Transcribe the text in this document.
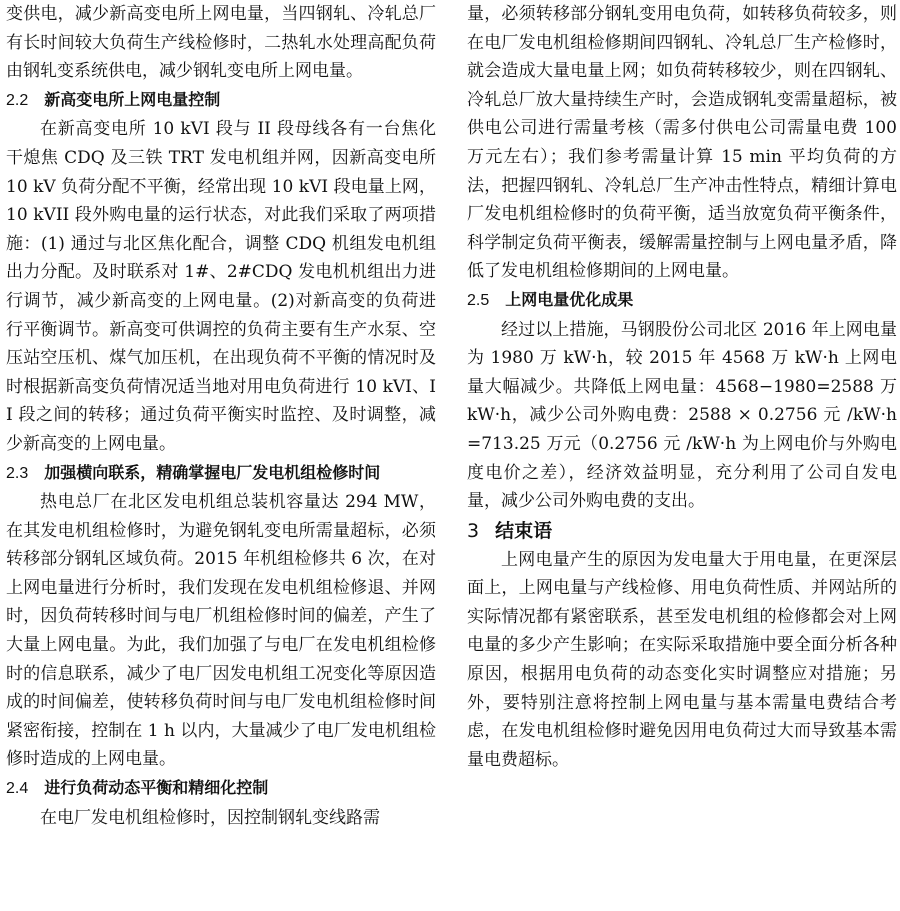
变供电，减少新高变电所上网电量，当四钢轧、冷轧总厂有长时间较大负荷生产线检修时，二热轧水处理高配负荷由钢轧变系统供电，减少钢轧变电所上网电量。

2.2 新高变电所上网电量控制

在新高变电所 10 kVI 段与 II 段母线各有一台焦化干熄焦 CDQ 及三铁 TRT 发电机组并网，因新高变电所 10 kV 负荷分配不平衡，经常出现 10 kVI 段电量上网，10 kVII 段外购电量的运行状态，对此我们采取了两项措施：(1) 通过与北区焦化配合，调整 CDQ 机组发电机组出力分配。及时联系对 1#、2#CDQ 发电机机组出力进行调节，减少新高变的上网电量。(2)对新高变的负荷进行平衡调节。新高变可供调控的负荷主要有生产水泵、空压站空压机、煤气加压机，在出现负荷不平衡的情况时及时根据新高变负荷情况适当地对用电负荷进行 10 kVI、II 段之间的转移；通过负荷平衡实时监控、及时调整，减少新高变的上网电量。

2.3 加强横向联系，精确掌握电厂发电机组检修时间

热电总厂在北区发电机组总装机容量达 294 MW，在其发电机组检修时，为避免钢轧变电所需量超标，必须转移部分钢轧区域负荷。2015 年机组检修共 6 次，在对上网电量进行分析时，我们发现在发电机组检修退、并网时，因负荷转移时间与电厂机组检修时间的偏差，产生了大量上网电量。为此，我们加强了与电厂在发电机组检修时的信息联系，减少了电厂因发电机组工况变化等原因造成的时间偏差，使转移负荷时间与电厂发电机组检修时间紧密衔接，控制在 1 h 以内，大量减少了电厂发电机组检修时造成的上网电量。

2.4 进行负荷动态平衡和精细化控制

在电厂发电机组检修时，因控制钢轧变线路需

量，必须转移部分钢轧变用电负荷，如转移负荷较多，则在电厂发电机组检修期间四钢轧、冷轧总厂生产检修时，就会造成大量电量上网；如负荷转移较少，则在四钢轧、冷轧总厂放大量持续生产时，会造成钢轧变需量超标，被供电公司进行需量考核（需多付供电公司需量电费 100 万元左右）；我们参考需量计算 15 min 平均负荷的方法，把握四钢轧、冷轧总厂生产冲击性特点，精细计算电厂发电机组检修时的负荷平衡，适当放宽负荷平衡条件，科学制定负荷平衡表，缓解需量控制与上网电量矛盾，降低了发电机组检修期间的上网电量。

2.5 上网电量优化成果

经过以上措施，马钢股份公司北区 2016 年上网电量为 1980 万 kW·h，较 2015 年 4568 万 kW·h 上网电量大幅减少。共降低上网电量：4568−1980=2588 万 kW·h，减少公司外购电费：2588 × 0.2756 元 /kW·h =713.25 万元（0.2756 元 /kW·h 为上网电价与外购电度电价之差），经济效益明显，充分利用了公司自发电量，减少公司外购电费的支出。

3 结束语

上网电量产生的原因为发电量大于用电量，在更深层面上，上网电量与产线检修、用电负荷性质、并网站所的实际情况都有紧密联系，甚至发电机组的检修都会对上网电量的多少产生影响；在实际采取措施中要全面分析各种原因，根据用电负荷的动态变化实时调整应对措施；另外，要特别注意将控制上网电量与基本需量电费结合考虑，在发电机组检修时避免因用电负荷过大而导致基本需量电费超标。
